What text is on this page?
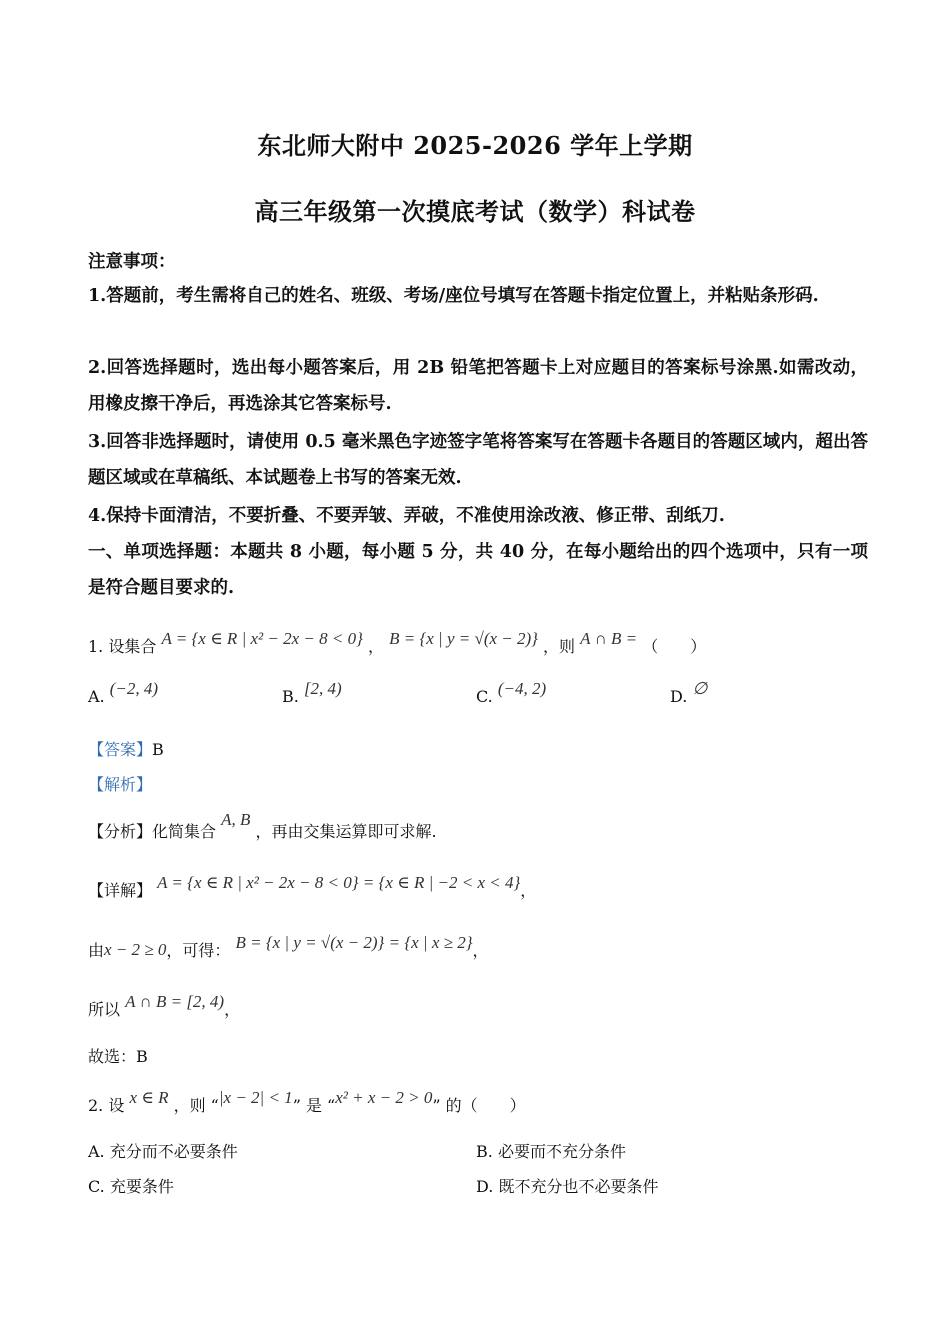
东北师大附中 2025-2026 学年上学期
高三年级第一次摸底考试（数学）科试卷
注意事项：
1.答题前，考生需将自己的姓名、班级、考场/座位号填写在答题卡指定位置上，并粘贴条形码.
2.回答选择题时，选出每小题答案后，用 2B 铅笔把答题卡上对应题目的答案标号涂黑.如需改动，用橡皮擦干净后，再选涂其它答案标号.
3.回答非选择题时，请使用 0.5 毫米黑色字迹签字笔将答案写在答题卡各题目的答题区域内，超出答题区域或在草稿纸、本试题卷上书写的答案无效.
4.保持卡面清洁，不要折叠、不要弄皱、弄破，不准使用涂改液、修正带、刮纸刀.
一、单项选择题：本题共 8 小题，每小题 5 分，共 40 分，在每小题给出的四个选项中，只有一项是符合题目要求的.
1. 设集合 A = {x ∈ R | x² − 2x − 8 < 0} ， B = {x | y = √(x − 2)} ，则 A ∩ B = （　　）
A. (−2, 4)	B. [2, 4)	C. (−4, 2)	D. ∅
【答案】B
【解析】
【分析】化简集合 A, B ，再由交集运算即可求解.
【详解】 A = {x ∈ R | x² − 2x − 8 < 0} = {x ∈ R | −2 < x < 4}，
由x − 2 ≥ 0，可得： B = {x | y = √(x − 2)} = {x | x ≥ 2}，
所以 A ∩ B = [2, 4)，
故选：B
2. 设 x ∈ R ，则 “|x − 2| < 1” 是 “x² + x − 2 > 0” 的（　　）
A. 充分而不必要条件	B. 必要而不充分条件
C. 充要条件	D. 既不充分也不必要条件
